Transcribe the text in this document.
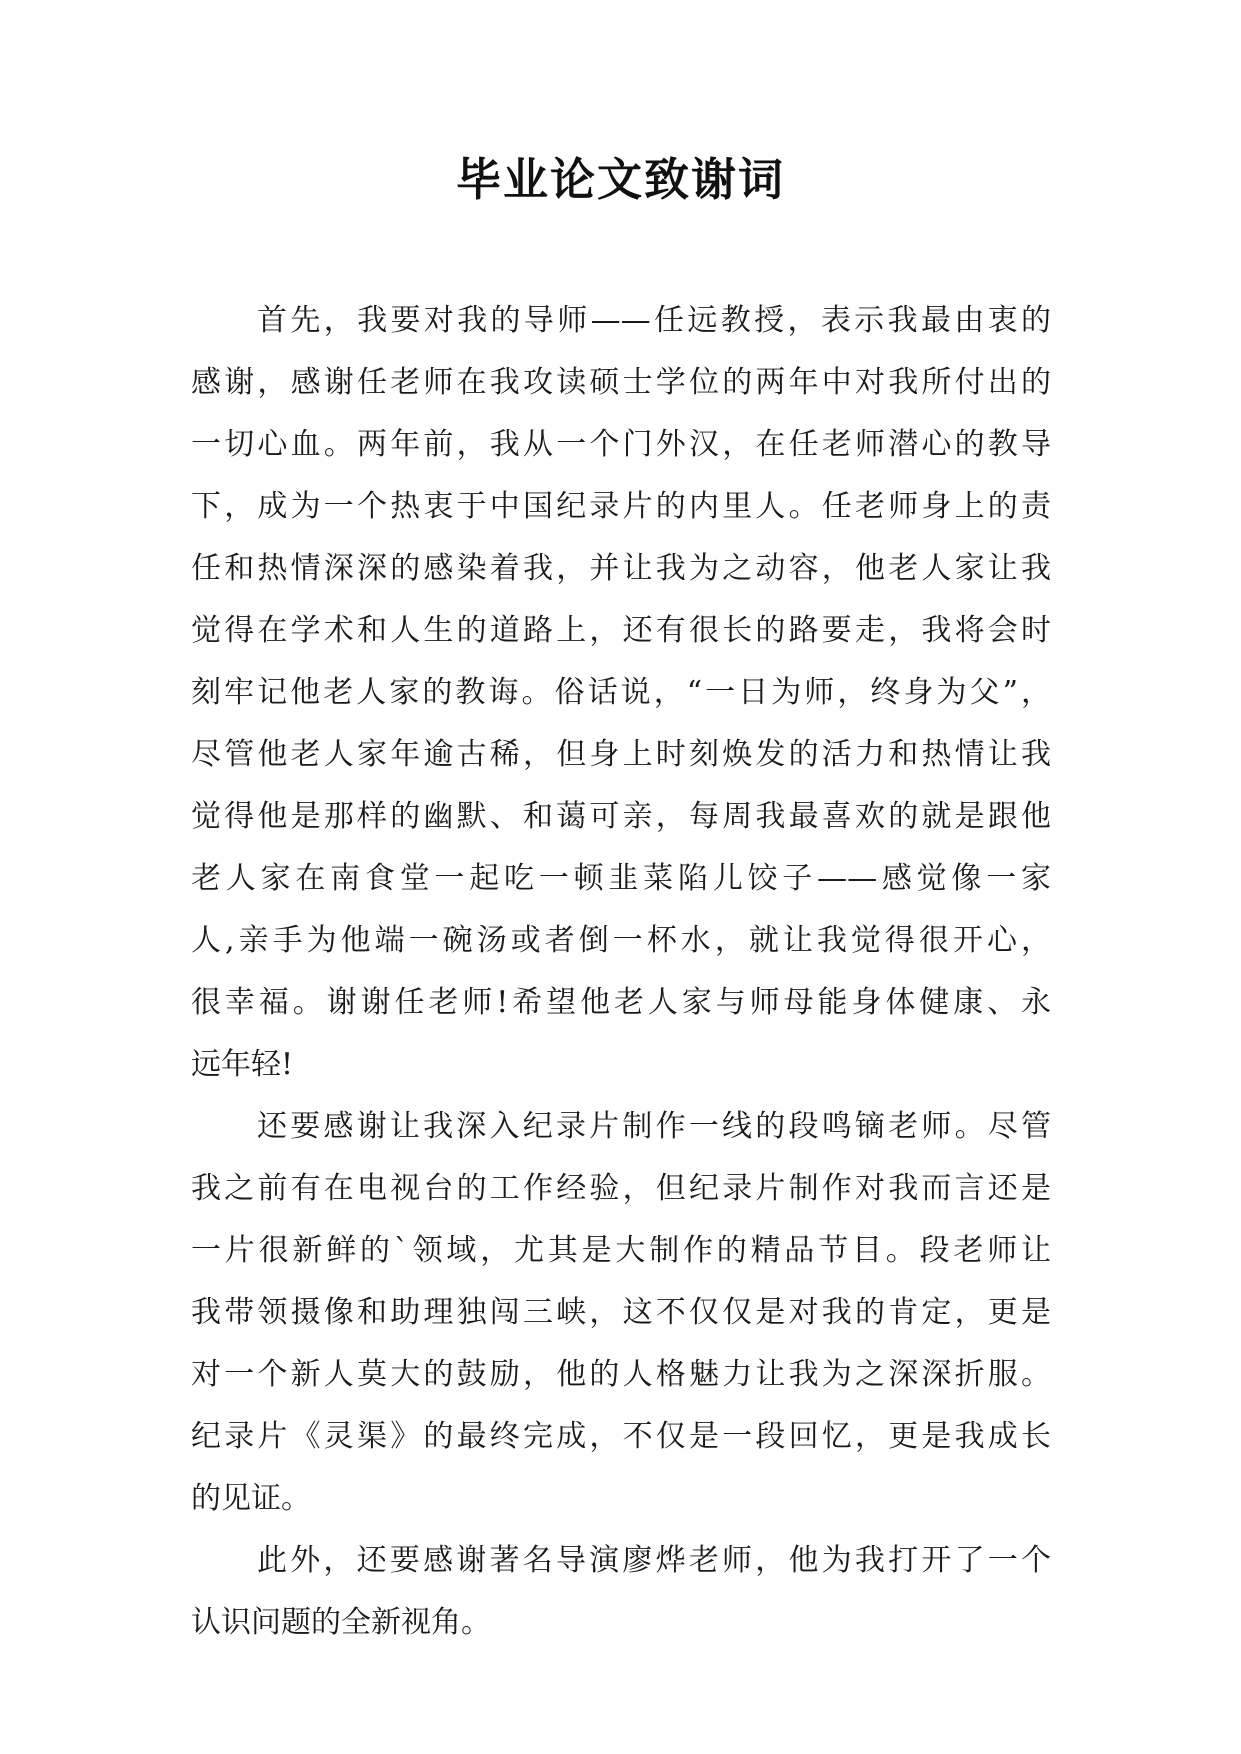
毕业论文致谢词
首先，我要对我的导师——任远教授，表示我最由衷的
感谢，感谢任老师在我攻读硕士学位的两年中对我所付出的
一切心血。两年前，我从一个门外汉，在任老师潜心的教导
下，成为一个热衷于中国纪录片的内里人。任老师身上的责
任和热情深深的感染着我，并让我为之动容，他老人家让我
觉得在学术和人生的道路上，还有很长的路要走，我将会时
刻牢记他老人家的教诲。俗话说，“一日为师，终身为父”，
尽管他老人家年逾古稀，但身上时刻焕发的活力和热情让我
觉得他是那样的幽默、和蔼可亲，每周我最喜欢的就是跟他
老人家在南食堂一起吃一顿韭菜陷儿饺子——感觉像一家
人,亲手为他端一碗汤或者倒一杯水，就让我觉得很开心，
很幸福。谢谢任老师!希望他老人家与师母能身体健康、永
远年轻!
还要感谢让我深入纪录片制作一线的段鸣镝老师。尽管
我之前有在电视台的工作经验，但纪录片制作对我而言还是
一片很新鲜的`领域，尤其是大制作的精品节目。段老师让
我带领摄像和助理独闯三峡，这不仅仅是对我的肯定，更是
对一个新人莫大的鼓励，他的人格魅力让我为之深深折服。
纪录片《灵渠》的最终完成，不仅是一段回忆，更是我成长
的见证。
此外，还要感谢著名导演廖烨老师，他为我打开了一个
认识问题的全新视角。
